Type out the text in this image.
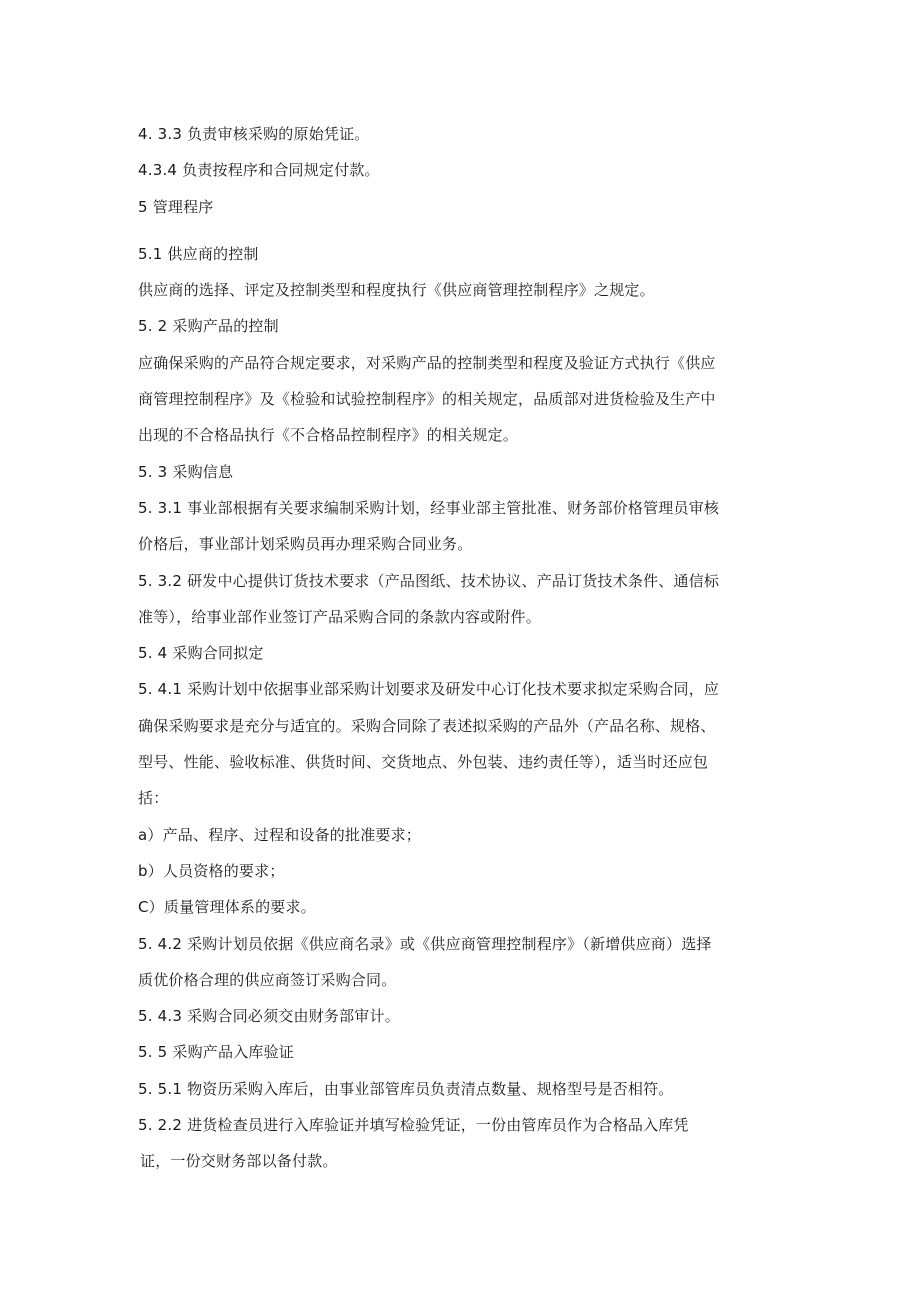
4. 3.3 负责审核采购的原始凭证。
4.3.4 负责按程序和合同规定付款。
5 管理程序
5.1 供应商的控制
供应商的选择、评定及控制类型和程度执行《供应商管理控制程序》之规定。
5. 2 采购产品的控制
应确保采购的产品符合规定要求，对采购产品的控制类型和程度及验证方式执行《供应
商管理控制程序》及《检验和试验控制程序》的相关规定，品质部对进货检验及生产中
出现的不合格品执行《不合格品控制程序》的相关规定。
5. 3 采购信息
5. 3.1 事业部根据有关要求编制采购计划，经事业部主管批准、财务部价格管理员审核
价格后，事业部计划采购员再办理采购合同业务。
5. 3.2 研发中心提供订货技术要求（产品图纸、技术协议、产品订货技术条件、通信标
准等），给事业部作业签订产品采购合同的条款内容或附件。
5. 4 采购合同拟定
5. 4.1 采购计划中依据事业部采购计划要求及研发中心订化技术要求拟定采购合同，应
确保采购要求是充分与适宜的。采购合同除了表述拟采购的产品外（产品名称、规格、
型号、性能、验收标准、供货时间、交货地点、外包装、违约责任等），适当时还应包
括：
a）产品、程序、过程和设备的批准要求；
b）人员资格的要求；
C）质量管理体系的要求。
5. 4.2 采购计划员依据《供应商名录》或《供应商管理控制程序》（新增供应商）选择
质优价格合理的供应商签订采购合同。
5. 4.3 采购合同必须交由财务部审计。
5. 5 采购产品入库验证
5. 5.1 物资历采购入库后，由事业部管库员负责清点数量、规格型号是否相符。
5. 2.2 进货检查员进行入库验证并填写检验凭证，一份由管库员作为合格品入库凭
证，一份交财务部以备付款。
